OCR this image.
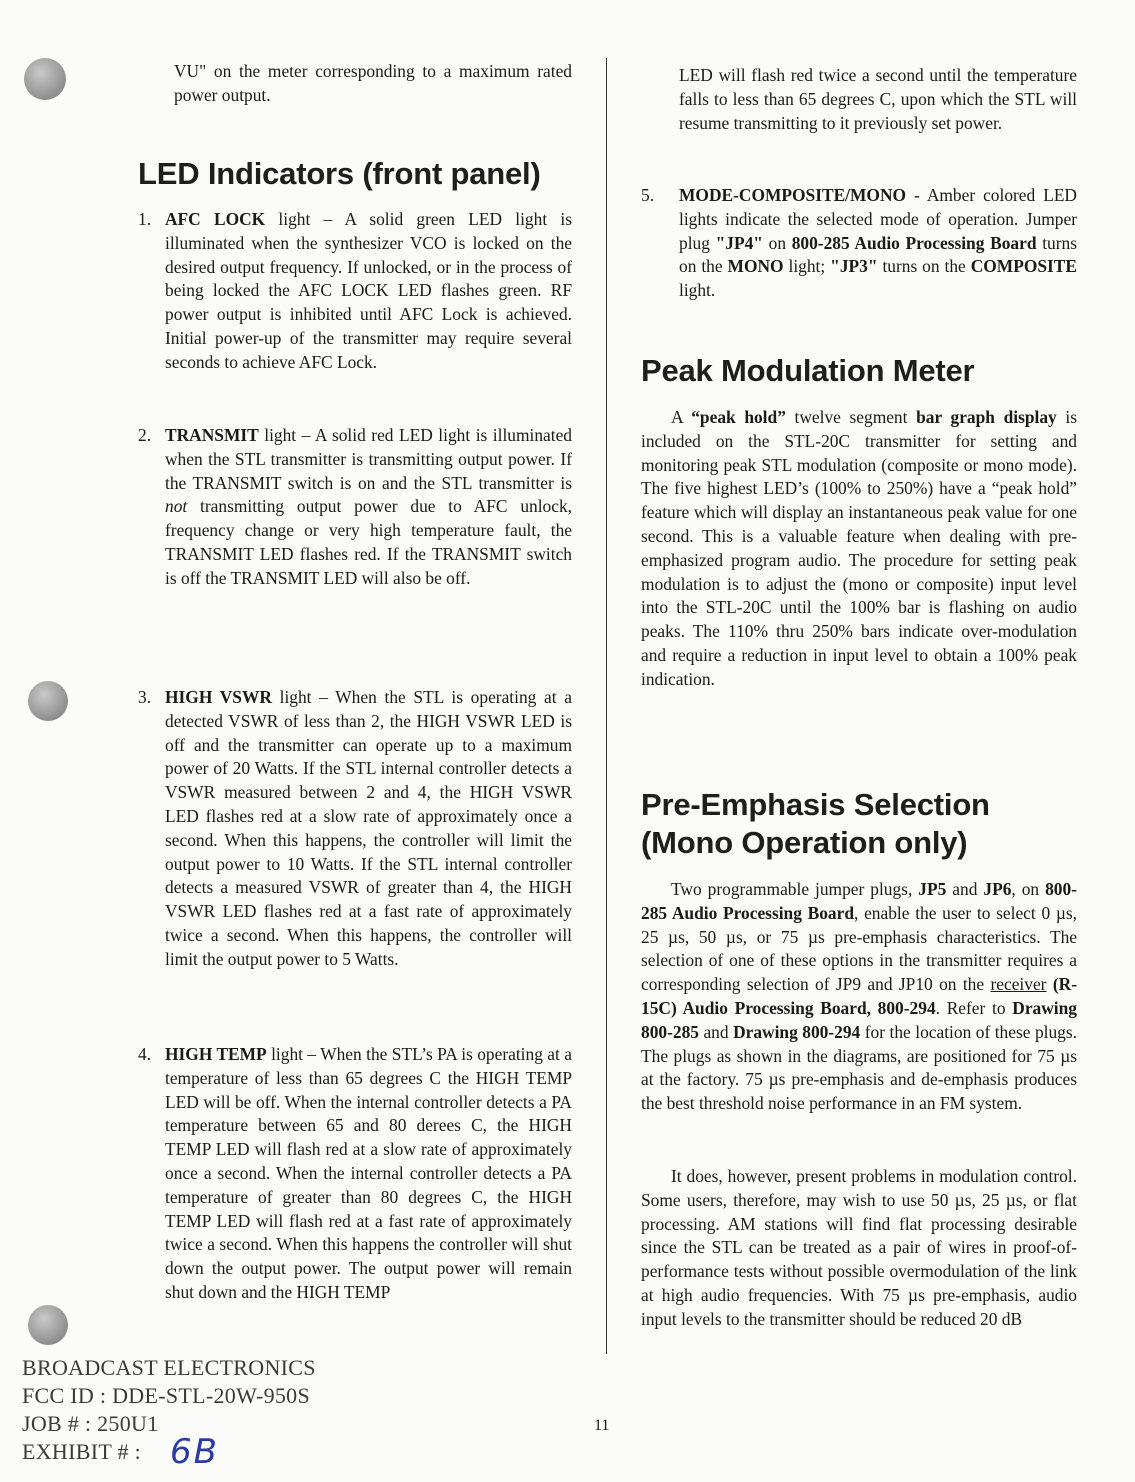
VU" on the meter corresponding to a maximum rated power output.

LED Indicators (front panel)
1. AFC LOCK light – A solid green LED light is illuminated when the synthesizer VCO is locked on the desired output frequency. If unlocked, or in the process of being locked the AFC LOCK LED flashes green. RF power output is inhibited until AFC Lock is achieved. Initial power-up of the transmitter may require several seconds to achieve AFC Lock.
2. TRANSMIT light – A solid red LED light is illuminated when the STL transmitter is transmitting output power. If the TRANSMIT switch is on and the STL transmitter is not transmitting output power due to AFC unlock, frequency change or very high temperature fault, the TRANSMIT LED flashes red. If the TRANSMIT switch is off the TRANSMIT LED will also be off.
3. HIGH VSWR light – When the STL is operating at a detected VSWR of less than 2, the HIGH VSWR LED is off and the transmitter can operate up to a maximum power of 20 Watts. If the STL internal controller detects a VSWR measured between 2 and 4, the HIGH VSWR LED flashes red at a slow rate of approximately once a second. When this happens, the controller will limit the output power to 10 Watts. If the STL internal controller detects a measured VSWR of greater than 4, the HIGH VSWR LED flashes red at a fast rate of approximately twice a second. When this happens, the controller will limit the output power to 5 Watts.
4. HIGH TEMP light – When the STL’s PA is operating at a temperature of less than 65 degrees C the HIGH TEMP LED will be off. When the internal controller detects a PA temperature between 65 and 80 derees C, the HIGH TEMP LED will flash red at a slow rate of approximately once a second. When the internal controller detects a PA temperature of greater than 80 degrees C, the HIGH TEMP LED will flash red at a fast rate of approximately twice a second. When this happens the controller will shut down the output power. The output power will remain shut down and the HIGH TEMP

LED will flash red twice a second until the temperature falls to less than 65 degrees C, upon which the STL will resume transmitting to it previously set power.

5. MODE-COMPOSITE/MONO - Amber colored LED lights indicate the selected mode of operation. Jumper plug "JP4" on 800-285 Audio Processing Board turns on the MONO light; "JP3" turns on the COMPOSITE light.
Peak Modulation Meter

A “peak hold” twelve segment bar graph display is included on the STL-20C transmitter for setting and monitoring peak STL modulation (composite or mono mode). The five highest LED’s (100% to 250%) have a “peak hold” feature which will display an instantaneous peak value for one second. This is a valuable feature when dealing with pre-emphasized program audio. The procedure for setting peak modulation is to adjust the (mono or composite) input level into the STL-20C until the 100% bar is flashing on audio peaks. The 110% thru 250% bars indicate over-modulation and require a reduction in input level to obtain a 100% peak indication.

Pre-Emphasis Selection
(Mono Operation only)

Two programmable jumper plugs, JP5 and JP6, on 800-285 Audio Processing Board, enable the user to select 0 µs, 25 µs, 50 µs, or 75 µs pre-emphasis characteristics. The selection of one of these options in the transmitter requires a corresponding selection of JP9 and JP10 on the receiver (R-15C) Audio Processing Board, 800-294. Refer to Drawing 800-285 and Drawing 800-294 for the location of these plugs. The plugs as shown in the diagrams, are positioned for 75 µs at the factory. 75 µs pre-emphasis and de-emphasis produces the best threshold noise performance in an FM system.

It does, however, present problems in modulation control. Some users, therefore, may wish to use 50 µs, 25 µs, or flat processing. AM stations will find flat processing desirable since the STL can be treated as a pair of wires in proof-of-performance tests without possible overmodulation of the link at high audio frequencies. With 75 µs pre-emphasis, audio input levels to the transmitter should be reduced 20 dB

BROADCAST ELECTRONICS
FCC ID : DDE-STL-20W-950S
JOB # : 250U1
EXHIBIT # : 6B
11
